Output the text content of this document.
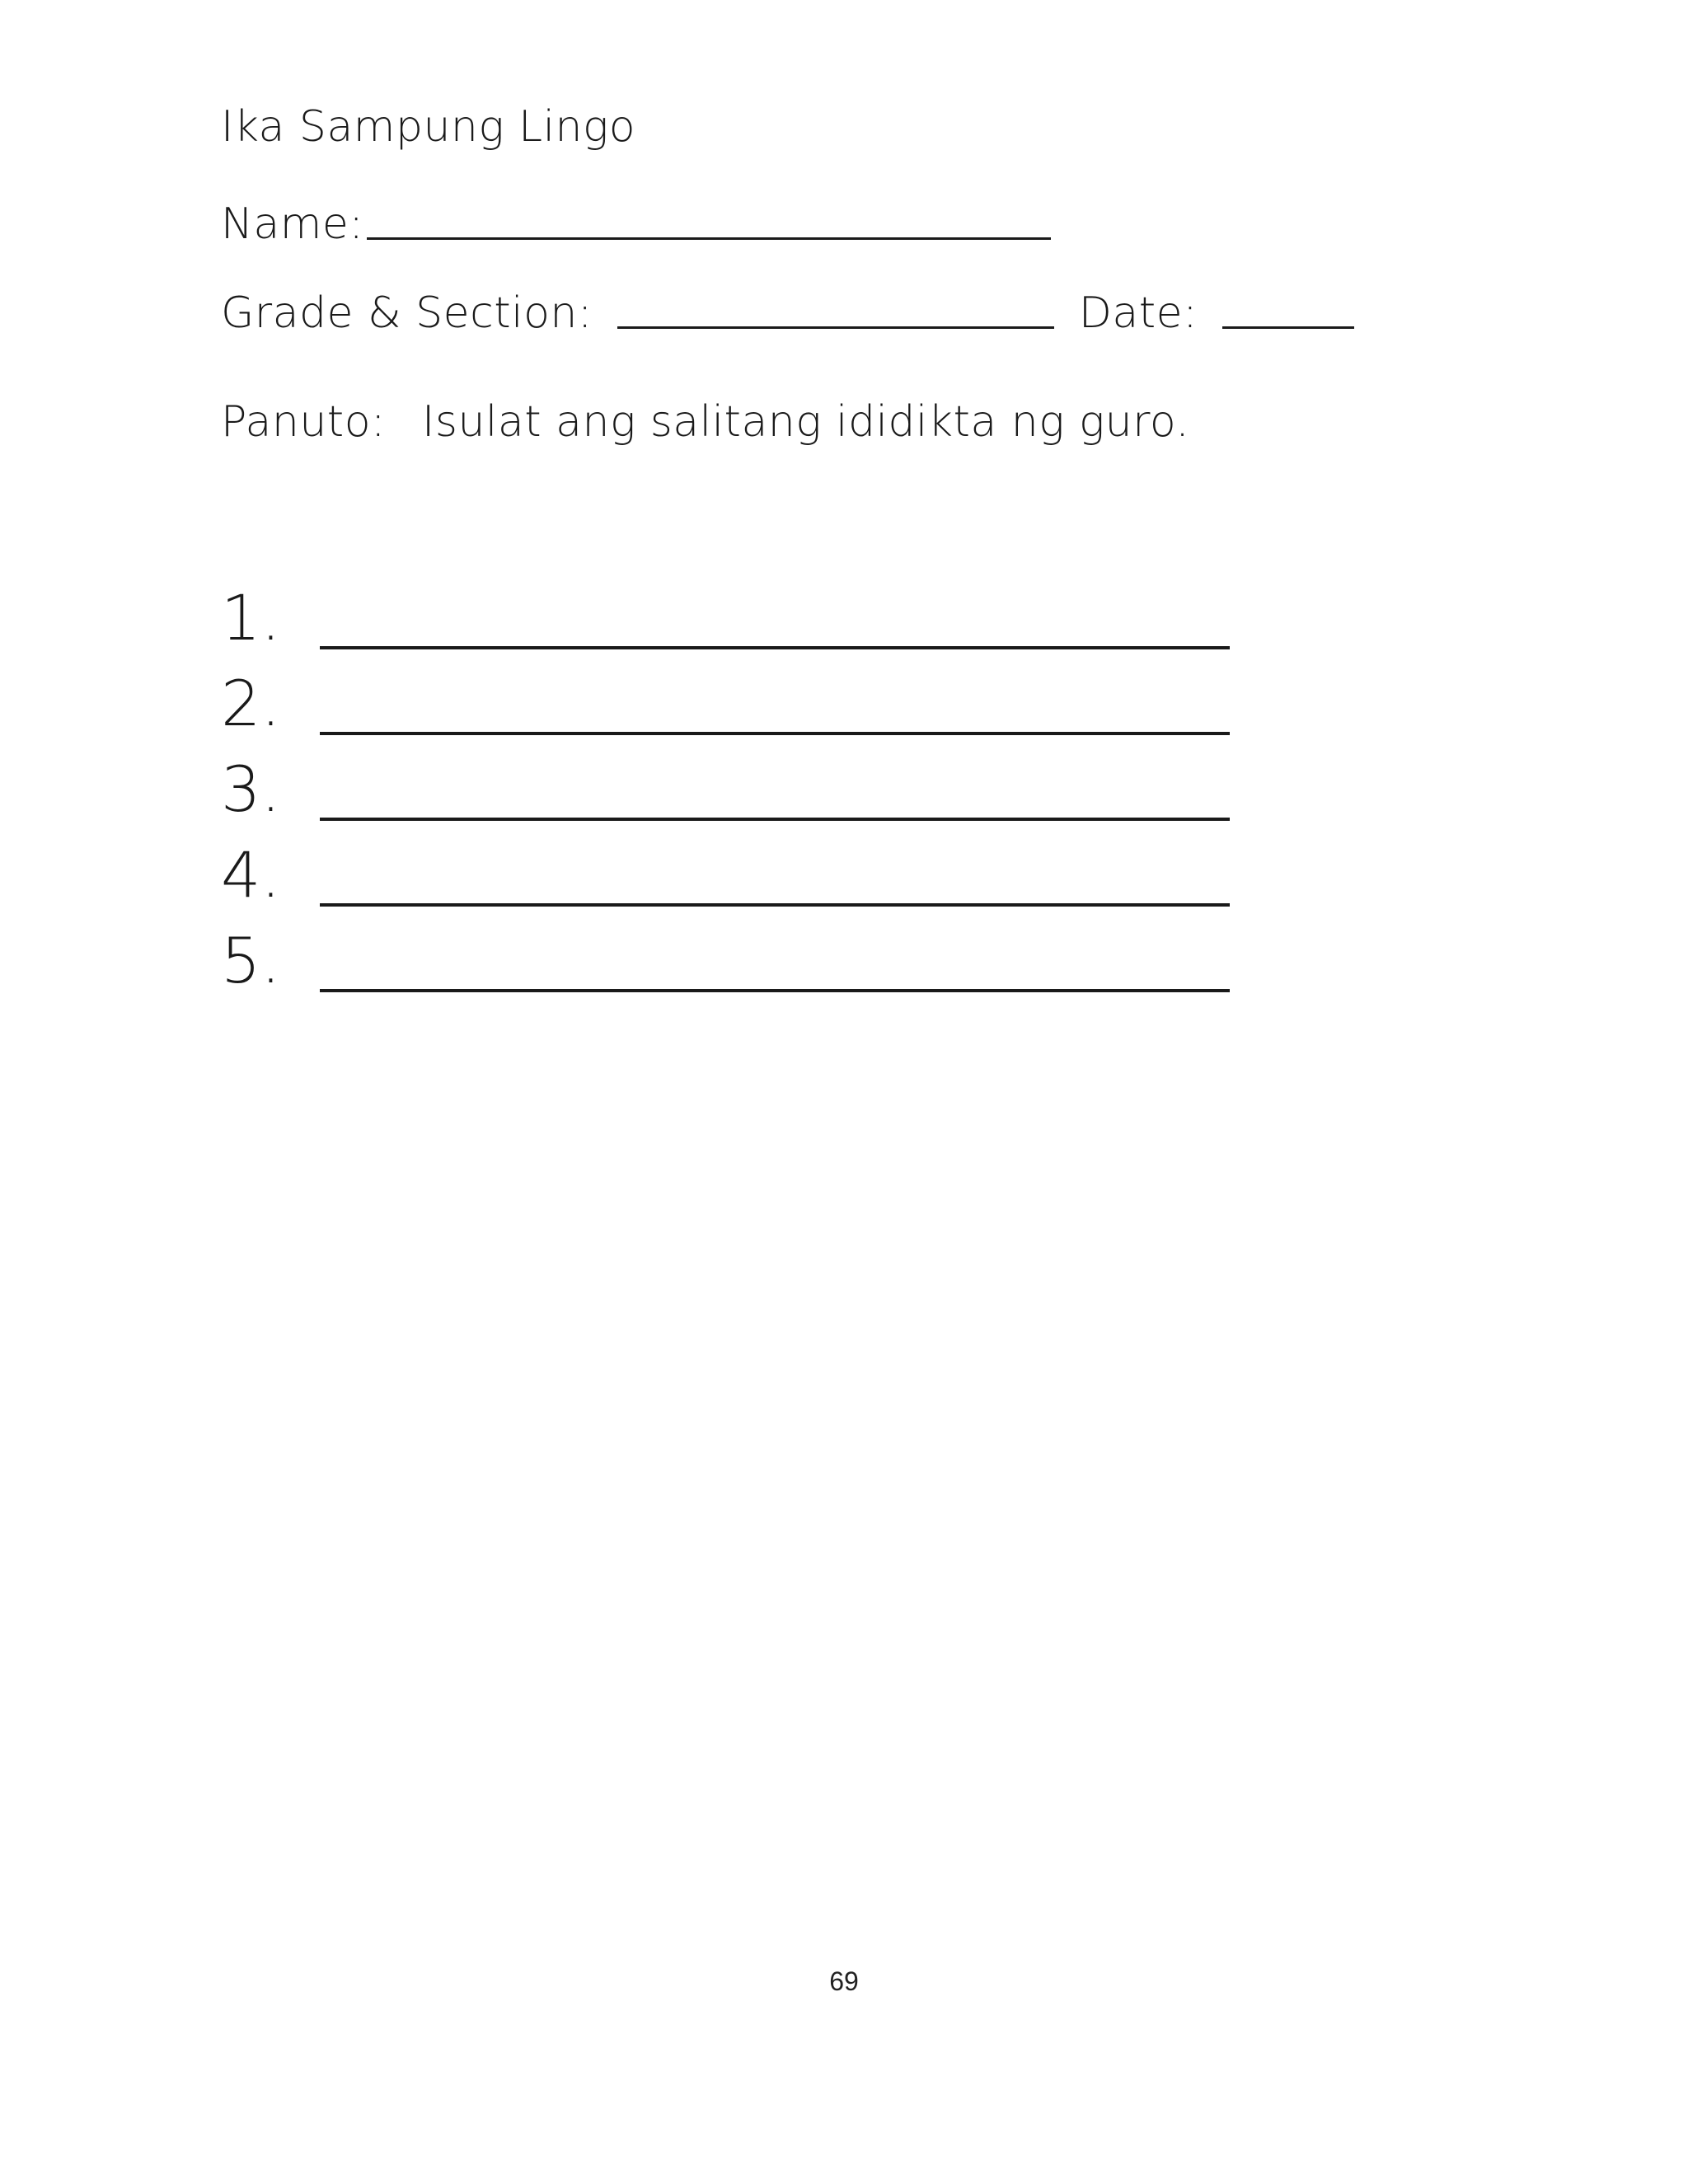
Ika Sampung Lingo
Name:
Grade & Section:	Date:
Panuto: Isulat ang salitang ididikta ng guro.
1.
2.
3.
4.
5.
69
